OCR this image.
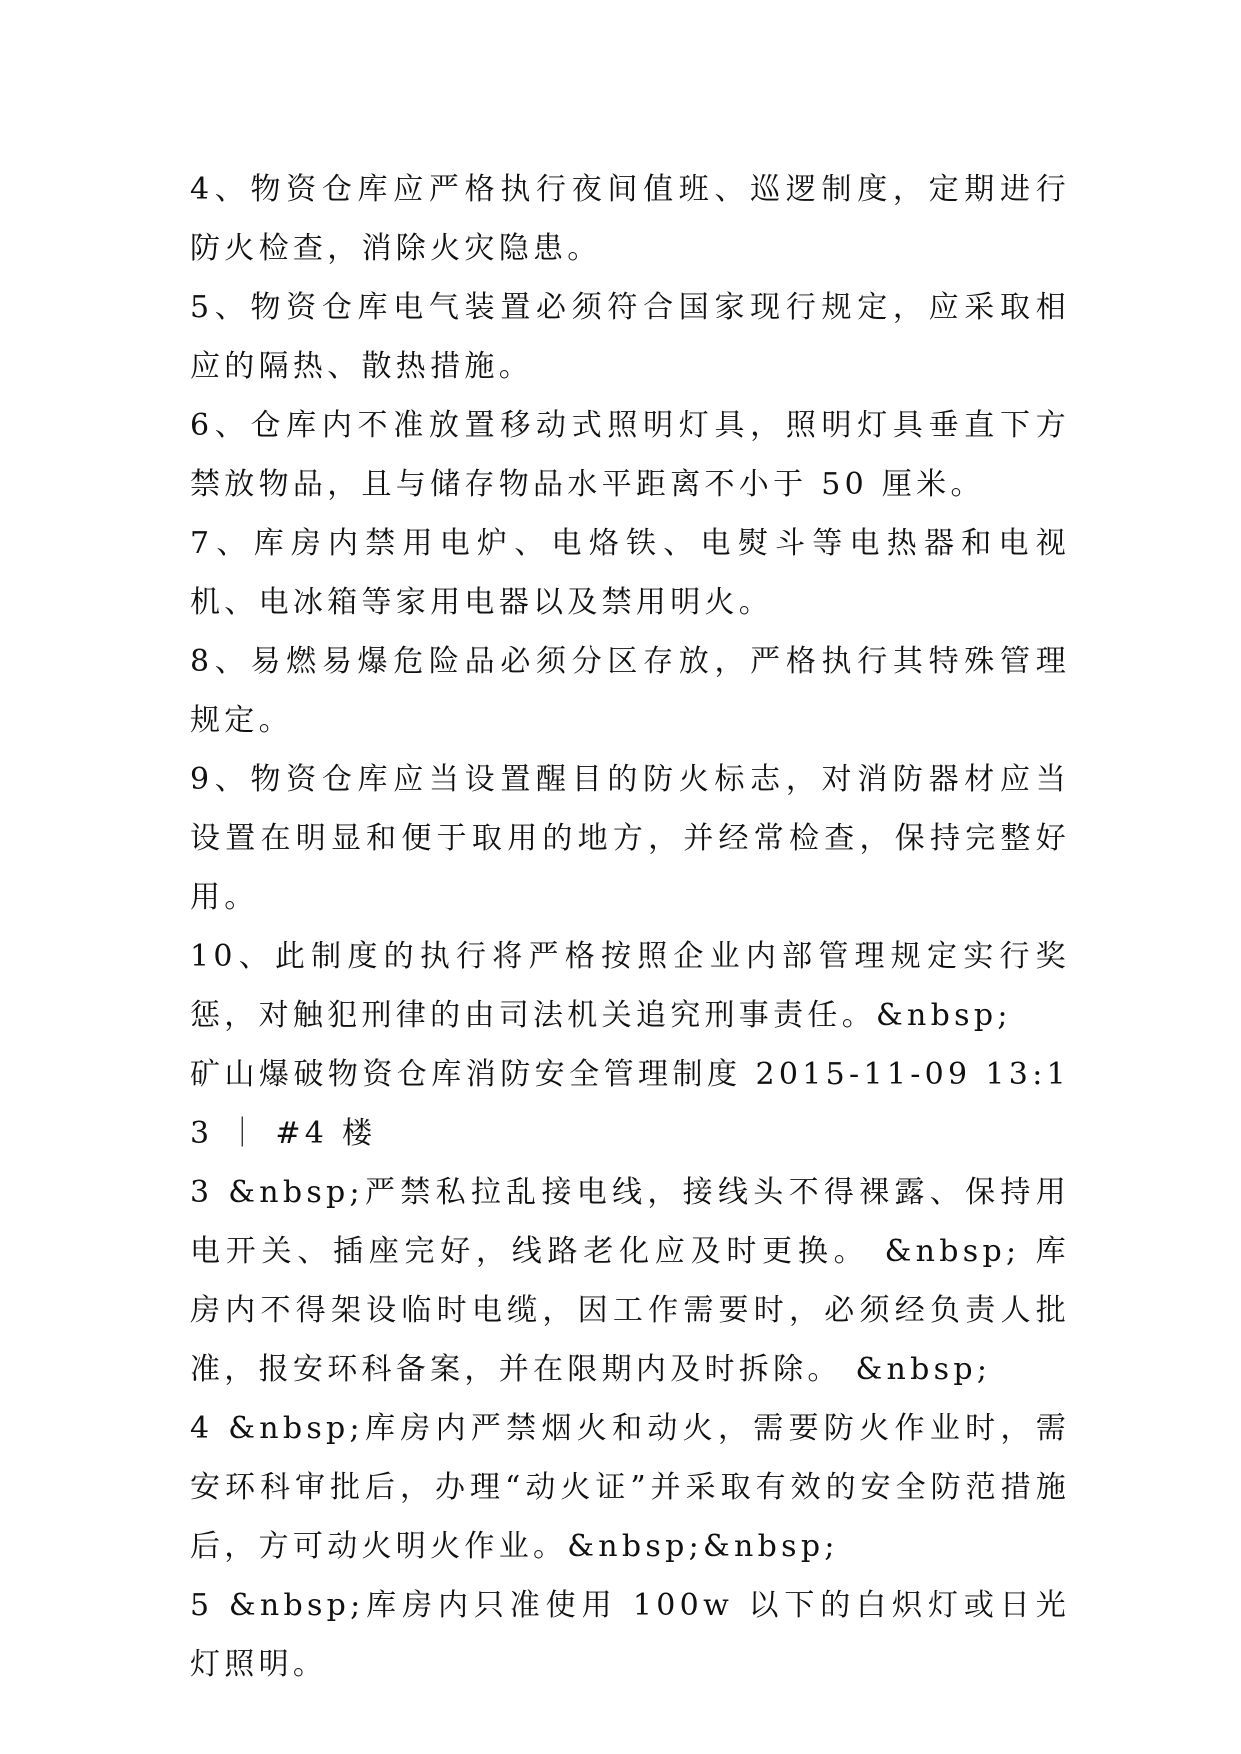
4、物资仓库应严格执行夜间值班、巡逻制度，定期进行防火检查，消除火灾隐患。

5、物资仓库电气装置必须符合国家现行规定，应采取相应的隔热、散热措施。

6、仓库内不准放置移动式照明灯具，照明灯具垂直下方禁放物品，且与储存物品水平距离不小于 50 厘米。

7、库房内禁用电炉、电烙铁、电熨斗等电热器和电视机、电冰箱等家用电器以及禁用明火。

8、易燃易爆危险品必须分区存放，严格执行其特殊管理规定。

9、物资仓库应当设置醒目的防火标志，对消防器材应当设置在明显和便于取用的地方，并经常检查，保持完整好用。

10、此制度的执行将严格按照企业内部管理规定实行奖惩，对触犯刑律的由司法机关追究刑事责任。&nbsp;

矿山爆破物资仓库消防安全管理制度 2015-11-09 13:13 ｜ #4 楼

3 &nbsp;严禁私拉乱接电线，接线头不得裸露、保持用电开关、插座完好，线路老化应及时更换。 &nbsp; 库房内不得架设临时电缆，因工作需要时，必须经负责人批准，报安环科备案，并在限期内及时拆除。 &nbsp;

4 &nbsp;库房内严禁烟火和动火，需要防火作业时，需安环科审批后，办理“动火证”并采取有效的安全防范措施后，方可动火明火作业。&nbsp;&nbsp;

5 &nbsp;库房内只准使用 100w 以下的白炽灯或日光灯照明。
